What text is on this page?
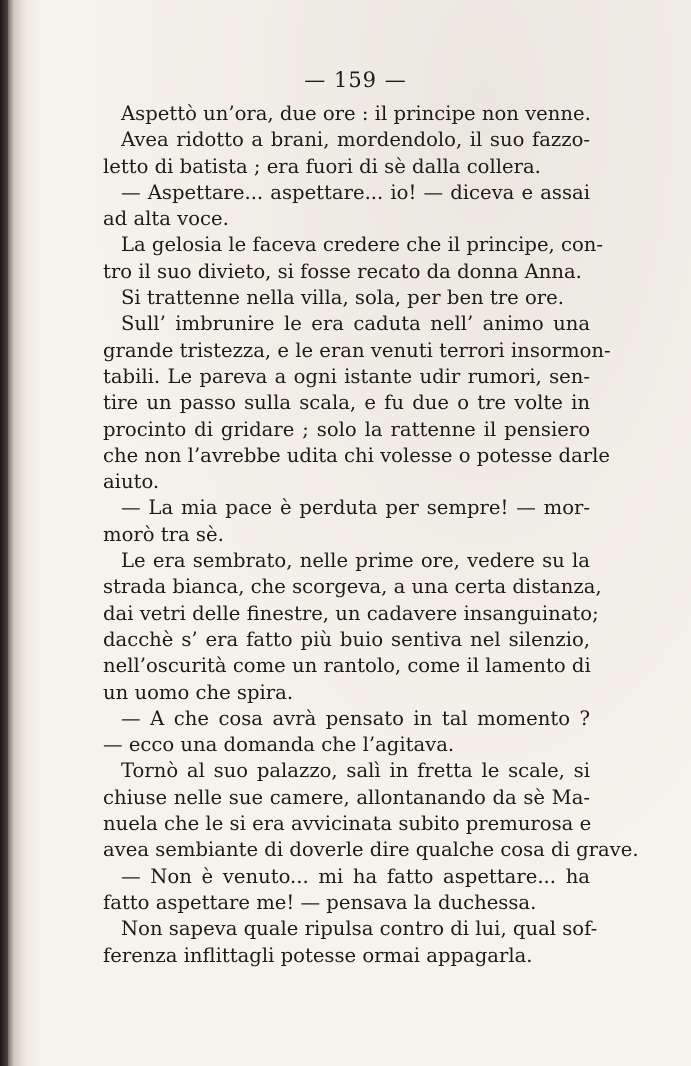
— 159 —
Aspettò un’ora, due ore : il principe non venne.
Avea ridotto a brani, mordendolo, il suo fazzo-
letto di batista ; era fuori di sè dalla collera.
— Aspettare... aspettare... io! — diceva e assai
ad alta voce.
La gelosia le faceva credere che il principe, con-
tro il suo divieto, si fosse recato da donna Anna.
Si trattenne nella villa, sola, per ben tre ore.
Sull’ imbrunire le era caduta nell’ animo una
grande tristezza, e le eran venuti terrori insormon-
tabili. Le pareva a ogni istante udir rumori, sen-
tire un passo sulla scala, e fu due o tre volte in
procinto di gridare ; solo la rattenne il pensiero
che non l’avrebbe udita chi volesse o potesse darle
aiuto.
— La mia pace è perduta per sempre! — mor-
morò tra sè.
Le era sembrato, nelle prime ore, vedere su la
strada bianca, che scorgeva, a una certa distanza,
dai vetri delle finestre, un cadavere insanguinato;
dacchè s’ era fatto più buio sentiva nel silenzio,
nell’oscurità come un rantolo, come il lamento di
un uomo che spira.
— A che cosa avrà pensato in tal momento ?
— ecco una domanda che l’agitava.
Tornò al suo palazzo, salì in fretta le scale, si
chiuse nelle sue camere, allontanando da sè Ma-
nuela che le si era avvicinata subito premurosa e
avea sembiante di doverle dire qualche cosa di grave.
— Non è venuto... mi ha fatto aspettare... ha
fatto aspettare me! — pensava la duchessa.
Non sapeva quale ripulsa contro di lui, qual sof-
ferenza inflittagli potesse ormai appagarla.
